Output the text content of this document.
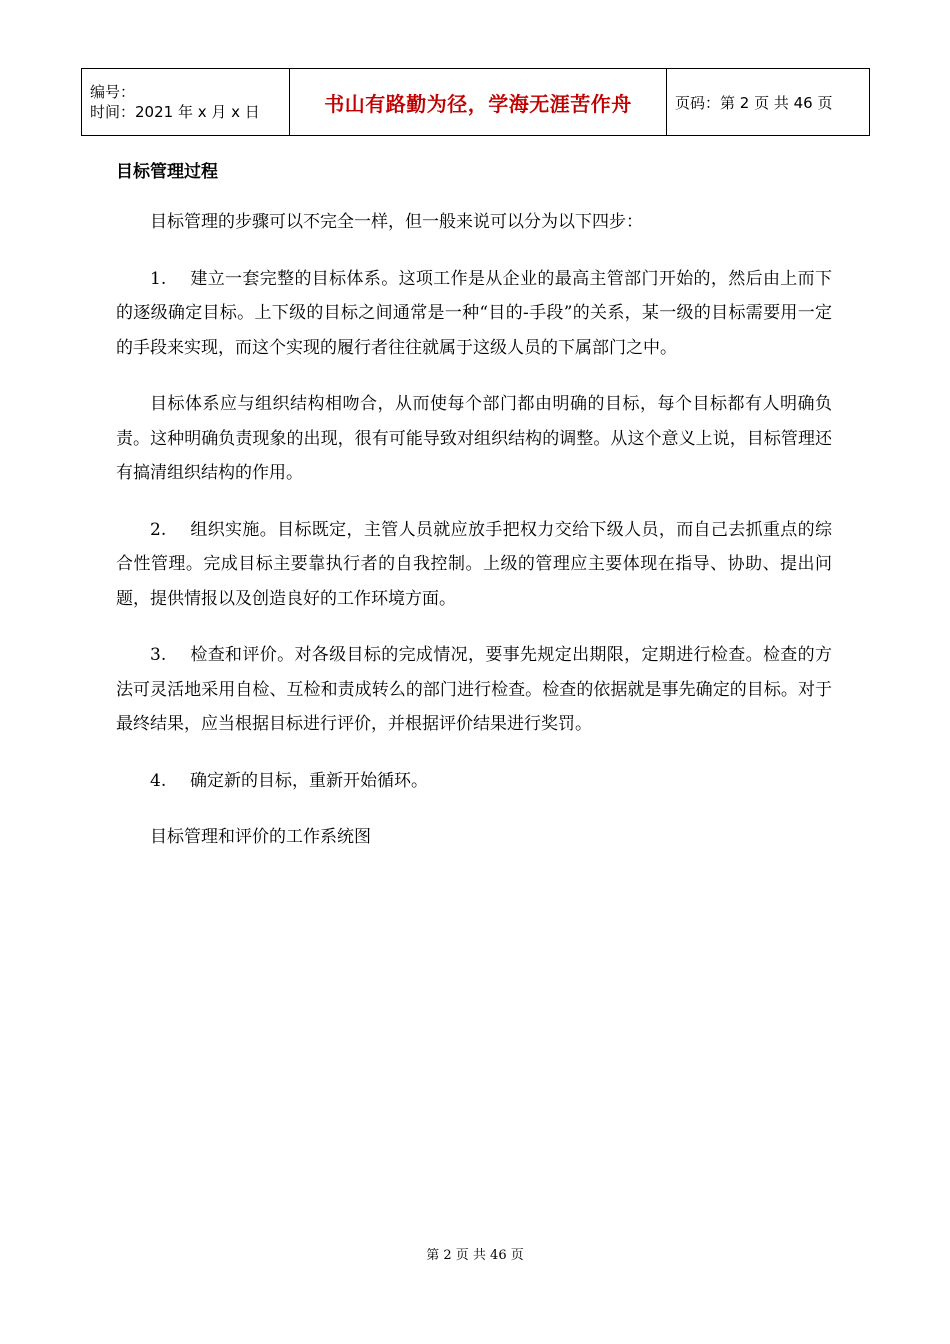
编号：
时间：2021 年 x 月 x 日	书山有路勤为径，学海无涯苦作舟	页码：第 2 页 共 46 页
目标管理过程

目标管理的步骤可以不完全一样，但一般来说可以分为以下四步：

1. 建立一套完整的目标体系。这项工作是从企业的最高主管部门开始的，然后由上而下的逐级确定目标。上下级的目标之间通常是一种“目的-手段”的关系，某一级的目标需要用一定的手段来实现，而这个实现的履行者往往就属于这级人员的下属部门之中。

目标体系应与组织结构相吻合，从而使每个部门都由明确的目标，每个目标都有人明确负责。这种明确负责现象的出现，很有可能导致对组织结构的调整。从这个意义上说，目标管理还有搞清组织结构的作用。

2. 组织实施。目标既定，主管人员就应放手把权力交给下级人员，而自己去抓重点的综合性管理。完成目标主要靠执行者的自我控制。上级的管理应主要体现在指导、协助、提出问题，提供情报以及创造良好的工作环境方面。

3. 检查和评价。对各级目标的完成情况，要事先规定出期限，定期进行检查。检查的方法可灵活地采用自检、互检和责成转么的部门进行检查。检查的依据就是事先确定的目标。对于最终结果，应当根据目标进行评价，并根据评价结果进行奖罚。

4. 确定新的目标，重新开始循环。

目标管理和评价的工作系统图

第 2 页 共 46 页
